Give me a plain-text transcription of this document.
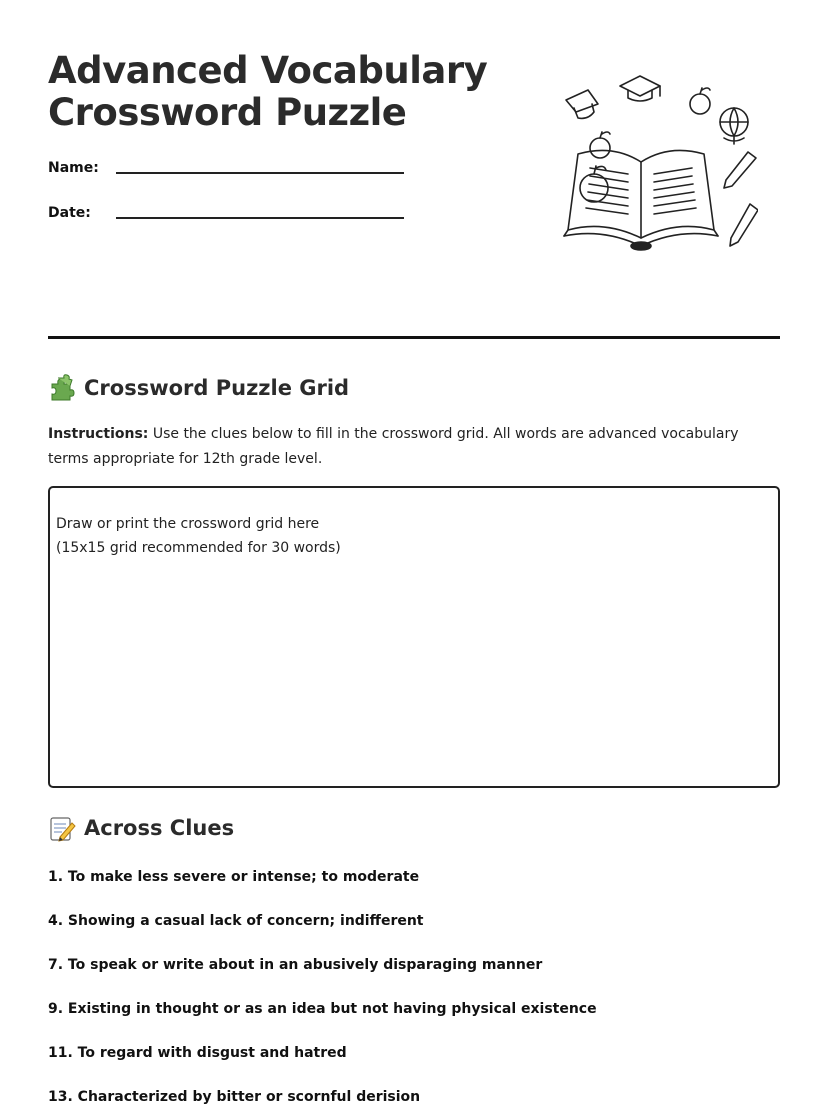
Advanced Vocabulary
Crossword Puzzle
Name:
Date:
Crossword Puzzle Grid
Instructions: Use the clues below to fill in the crossword grid. All words are advanced vocabulary terms appropriate for 12th grade level.
Draw or print the crossword grid here
(15x15 grid recommended for 30 words)
Across Clues
1. To make less severe or intense; to moderate
4. Showing a casual lack of concern; indifferent
7. To speak or write about in an abusively disparaging manner
9. Existing in thought or as an idea but not having physical existence
11. To regard with disgust and hatred
13. Characterized by bitter or scornful derision
